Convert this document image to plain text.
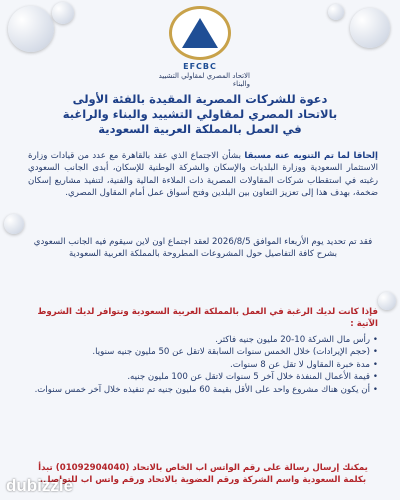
EFCBC
الاتحاد المصري لمقاولي التشييد والبناء
دعوة للشركات المصرية المقيدة بالفئة الأولى
بالاتحاد المصري لمقاولي التشييد والبناء والراغبة
في العمل بالمملكة العربية السعودية
إلحاقا لما تم التنويه عنه مسبقا بشأن الاجتماع الذي عقد بالقاهرة مع عدد من قيادات وزارة الاستثمار السعودية ووزارة البلديات والإسكان والشركة الوطنية للإسكان، أبدى الجانب السعودي رغبته في استقطاب شركات المقاولات المصرية ذات الملاءة المالية والفنية، لتنفيذ مشاريع إسكان ضخمة، بهدف هذا إلى تعزيز التعاون بين البلدين وفتح أسواق عمل أمام المقاول المصري.
فقد تم تحديد يوم الأربعاء الموافق 2026/8/5 لعقد اجتماع اون لاين سيقوم فيه الجانب السعودي بشرح كافة التفاصيل حول المشروعات المطروحة بالمملكة العربية السعودية
فإذا كانت لديك الرغبة في العمل بالمملكة العربية السعودية وتتوافر لديك الشروط الآتية :
• رأس مال الشركة 10-20 مليون جنيه فاكثر.
• (حجم الإيرادات) خلال الخمس سنوات السابقة لاتقل عن 50 مليون جنيه سنويا.
• مدة خبرة المقاول لا تقل عن 8 سنوات.
• قيمة الأعمال المنفذة خلال آخر 5 سنوات لاتقل عن 100 مليون جنيه.
• أن يكون هناك مشروع واحد على الأقل بقيمة 60 مليون جنيه تم تنفيذه خلال آخر خمس سنوات.
يمكنك إرسال رسالة على رقم الواتس اب الخاص بالاتحاد (01092904040) تبدأ بكلمة السعودية واسم الشركة ورقم العضوية بالاتحاد ورقم واتس اب للتواصل.
dubizzle
